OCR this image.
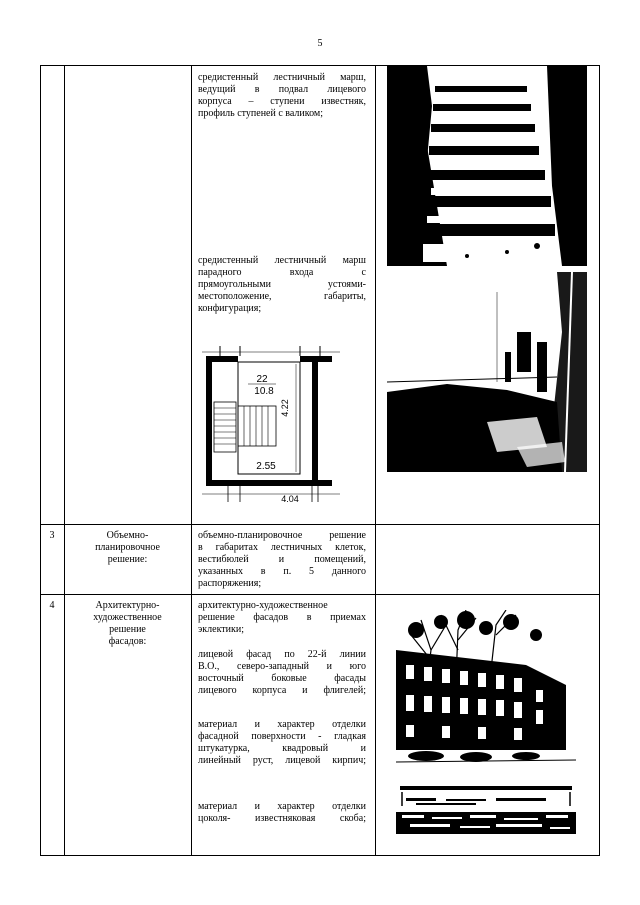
5
средистенный лестничный марш,
ведущий в подвал лицевого
корпуса – ступени известняк,
профиль ступеней с валиком;
средистенный лестничный марш
парадного входа с
прямоугольными устоями-
местоположение, габариты,
конфигурация;
22
10.8
4.22
2.55
4.04
3	Объемно-
планировочное
решение:
объемно-планировочное решение
в габаритах лестничных клеток,
вестибюлей и помещений,
указанных в п. 5 данного
распоряжения;
4	Архитектурно-
художественное
решение
фасадов:
архитектурно-художественное
решение фасадов в приемах
эклектики;
лицевой фасад по 22-й линии
В.О., северо-западный и юго
восточный боковые фасады
лицевого корпуса и флигелей;
материал и характер отделки
фасадной поверхности - гладкая
штукатурка, квадровый и
линейный руст, лицевой кирпич;
материал и характер отделки
цоколя- известняковая скоба;
